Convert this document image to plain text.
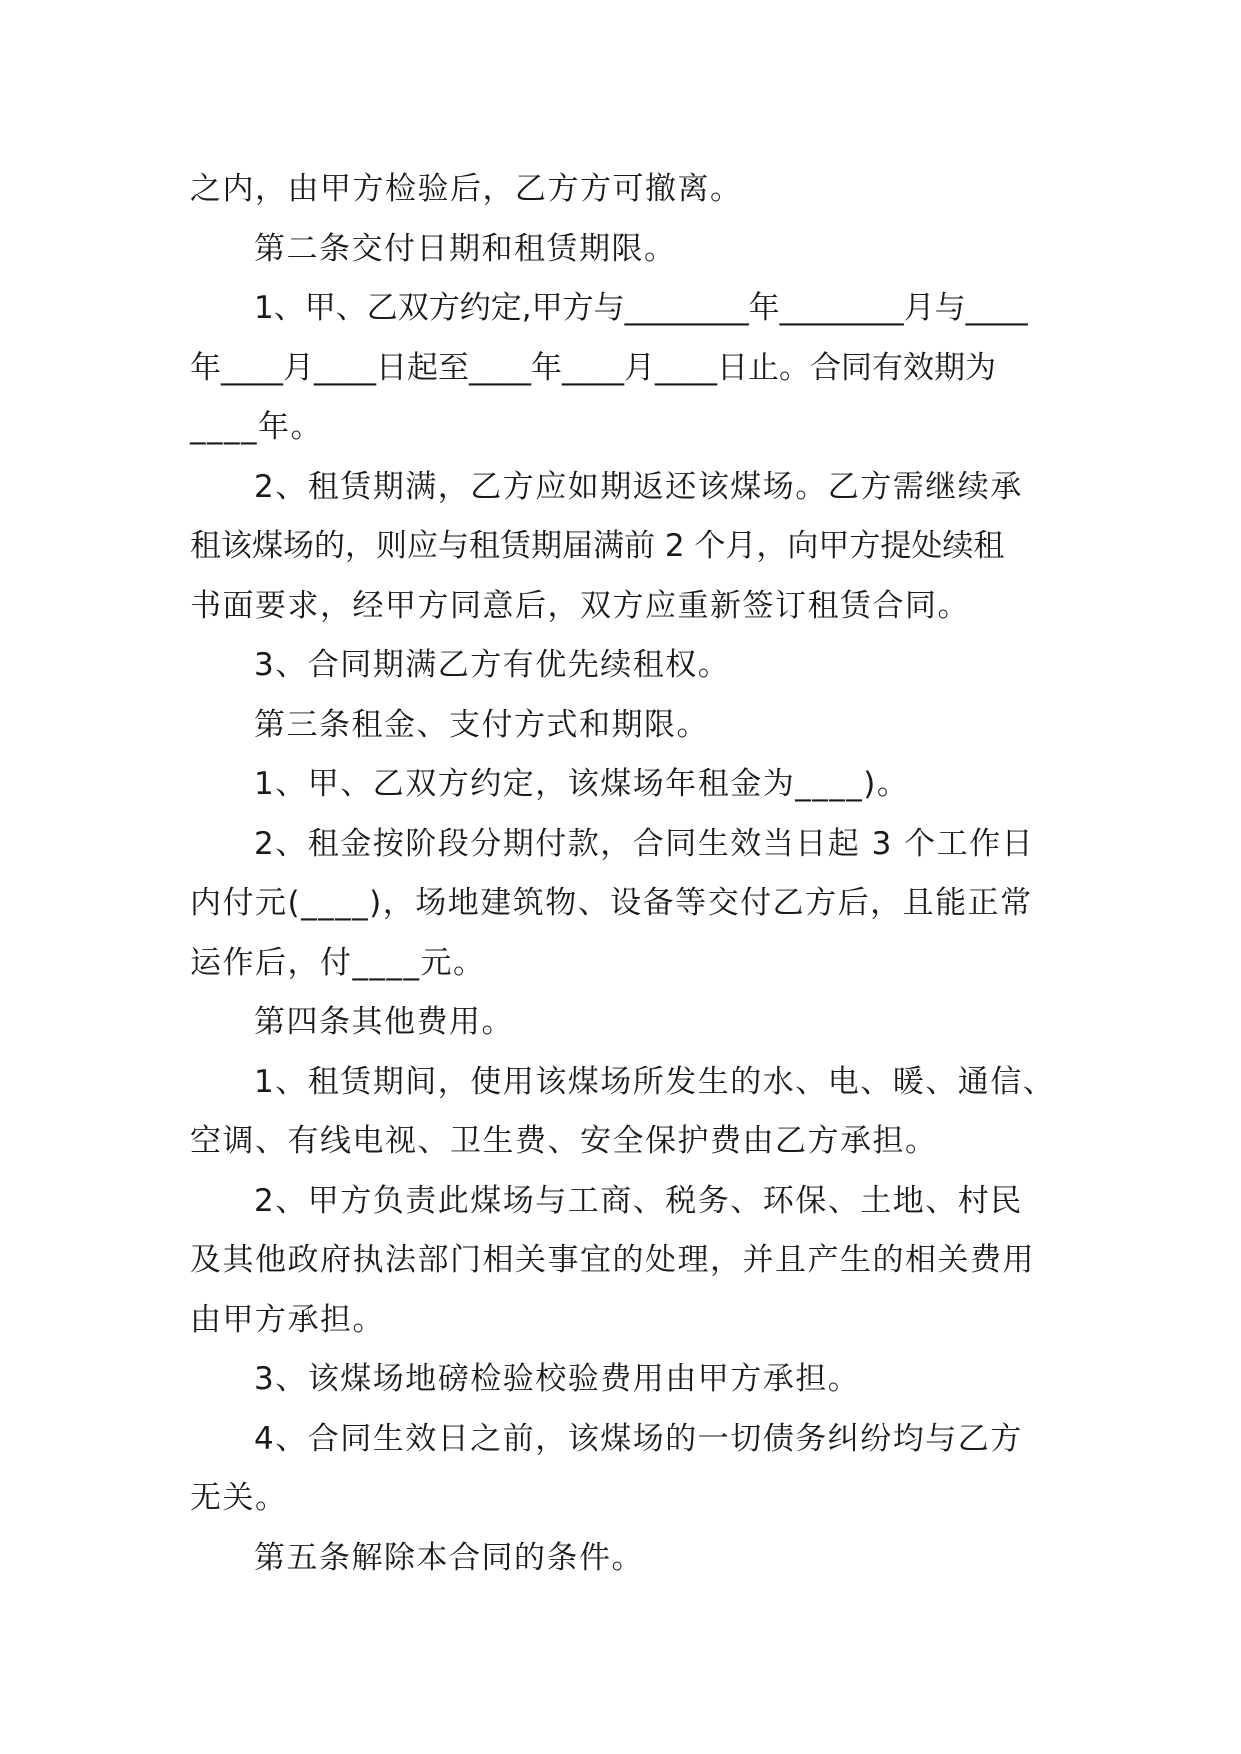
之内，由甲方检验后，乙方方可撤离。
第二条交付日期和租赁期限。
1、甲、乙双方约定,甲方与________年________月与____
年____月____日起至____年____月____日止。合同有效期为
____年。
2、租赁期满，乙方应如期返还该煤场。乙方需继续承
租该煤场的，则应与租赁期届满前 2 个月，向甲方提处续租
书面要求，经甲方同意后，双方应重新签订租赁合同。
3、合同期满乙方有优先续租权。
第三条租金、支付方式和期限。
1、甲、乙双方约定，该煤场年租金为____)。
2、租金按阶段分期付款，合同生效当日起 3 个工作日
内付元(____)，场地建筑物、设备等交付乙方后，且能正常
运作后，付____元。
第四条其他费用。
1、租赁期间，使用该煤场所发生的水、电、暖、通信、
空调、有线电视、卫生费、安全保护费由乙方承担。
2、甲方负责此煤场与工商、税务、环保、土地、村民
及其他政府执法部门相关事宜的处理，并且产生的相关费用
由甲方承担。
3、该煤场地磅检验校验费用由甲方承担。
4、合同生效日之前，该煤场的一切债务纠纷均与乙方
无关。
第五条解除本合同的条件。
